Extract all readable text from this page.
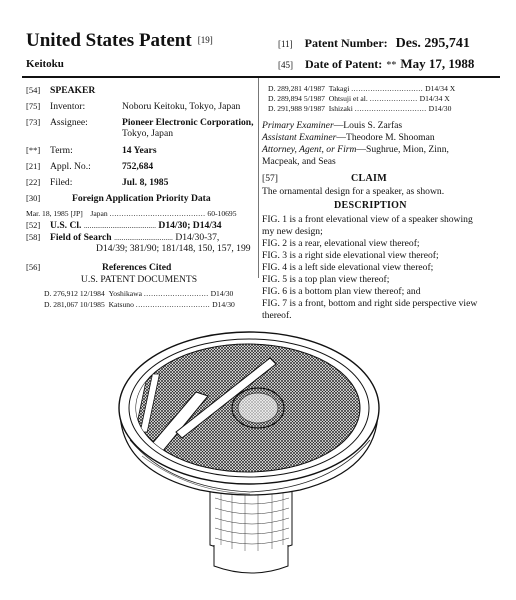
United States Patent [19]
Keitoku
[11] Patent Number: Des. 295,741
[45] Date of Patent: ** May 17, 1988
[54] SPEAKER
[75] Inventor:	Noboru Keitoku, Tokyo, Japan
[73] Assignee:	Pioneer Electronic Corporation,
Tokyo, Japan
[**] Term:	14 Years
[21] Appl. No.:	752,684
[22] Filed:	Jul. 8, 1985
[30]	Foreign Application Priority Data
Mar. 18, 1985 [JP] Japan ........................................ 60-10695
[52] U.S. Cl. ...................................... D14/30; D14/34
[58] Field of Search ............................... D14/30-37,
D14/39; 381/90; 181/148, 150, 157, 199
[56]	References Cited
U.S. PATENT DOCUMENTS
D. 276,912 12/1984 Yoshikawa ........................... D14/30
D. 281,067 10/1985 Katsuno ............................... D14/30
D. 289,281 4/1987 Takagi .............................. D14/34 X
D. 289,894 5/1987 Ohtsuji et al. .................... D14/34 X
D. 291,988 9/1987 Ishizaki .............................. D14/30
Primary Examiner—Louis S. Zarfas
Assistant Examiner—Theodore M. Shooman
Attorney, Agent, or Firm—Sughrue, Mion, Zinn,
Macpeak, and Seas
[57]	CLAIM
The ornamental design for a speaker, as shown.
DESCRIPTION
FIG. 1 is a front elevational view of a speaker showing
my new design;
FIG. 2 is a rear, elevational view thereof;
FIG. 3 is a right side elevational view thereof;
FIG. 4 is a left side elevational view thereof;
FIG. 5 is a top plan view thereof;
FIG. 6 is a bottom plan view thereof; and
FIG. 7 is a front, bottom and right side perspective view
thereof.
